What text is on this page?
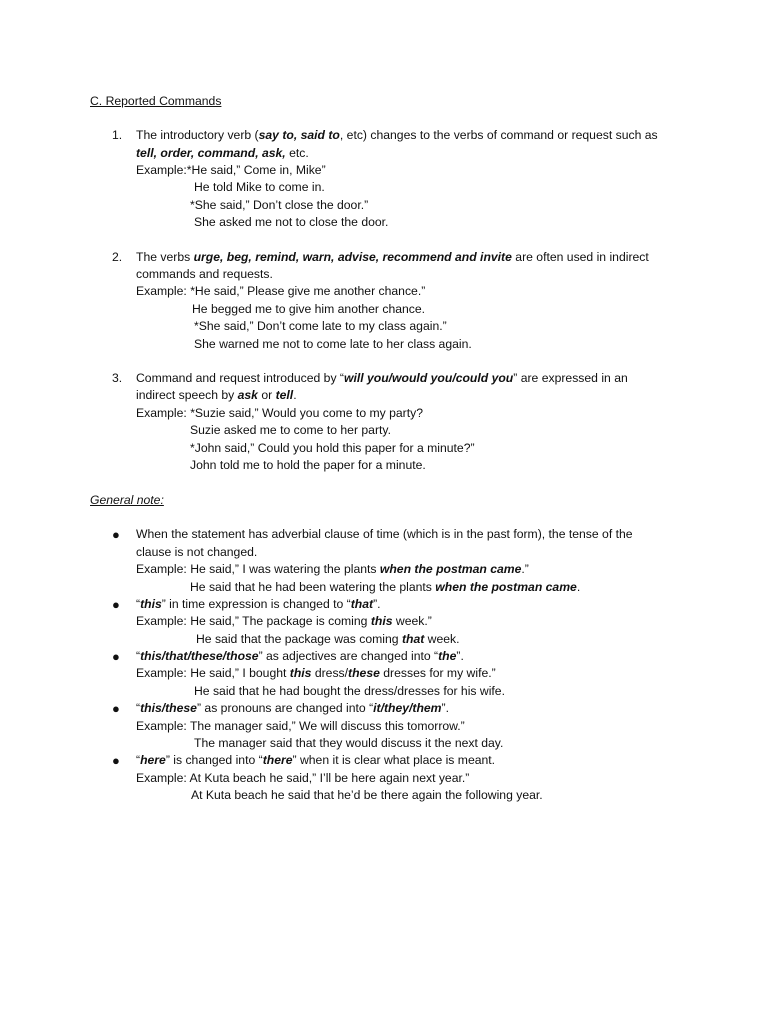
C. Reported Commands
1. The introductory verb (say to, said to, etc) changes to the verbs of command or request such as
tell, order, command, ask, etc.
Example:*He said,” Come in, Mike”
He told Mike to come in.
*She said,” Don’t close the door.”
She asked me not to close the door.
2. The verbs urge, beg, remind, warn, advise, recommend and invite are often used in indirect
commands and requests.
Example: *He said,” Please give me another chance.”
He begged me to give him another chance.
*She said,” Don’t come late to my class again.”
She warned me not to come late to her class again.
3. Command and request introduced by “will you/would you/could you” are expressed in an
indirect speech by ask or tell.
Example: *Suzie said,” Would you come to my party?
Suzie asked me to come to her party.
*John said,” Could you hold this paper for a minute?”
John told me to hold the paper for a minute.
General note:
● When the statement has adverbial clause of time (which is in the past form), the tense of the
clause is not changed.
Example: He said,” I was watering the plants when the postman came.”
He said that he had been watering the plants when the postman came.
● “this” in time expression is changed to “that”.
Example: He said,” The package is coming this week.”
He said that the package was coming that week.
● “this/that/these/those” as adjectives are changed into “the”.
Example: He said,” I bought this dress/these dresses for my wife.”
He said that he had bought the dress/dresses for his wife.
● “this/these” as pronouns are changed into “it/they/them”.
Example: The manager said,” We will discuss this tomorrow.”
The manager said that they would discuss it the next day.
● “here” is changed into “there” when it is clear what place is meant.
Example: At Kuta beach he said,” I’ll be here again next year.”
At Kuta beach he said that he’d be there again the following year.
